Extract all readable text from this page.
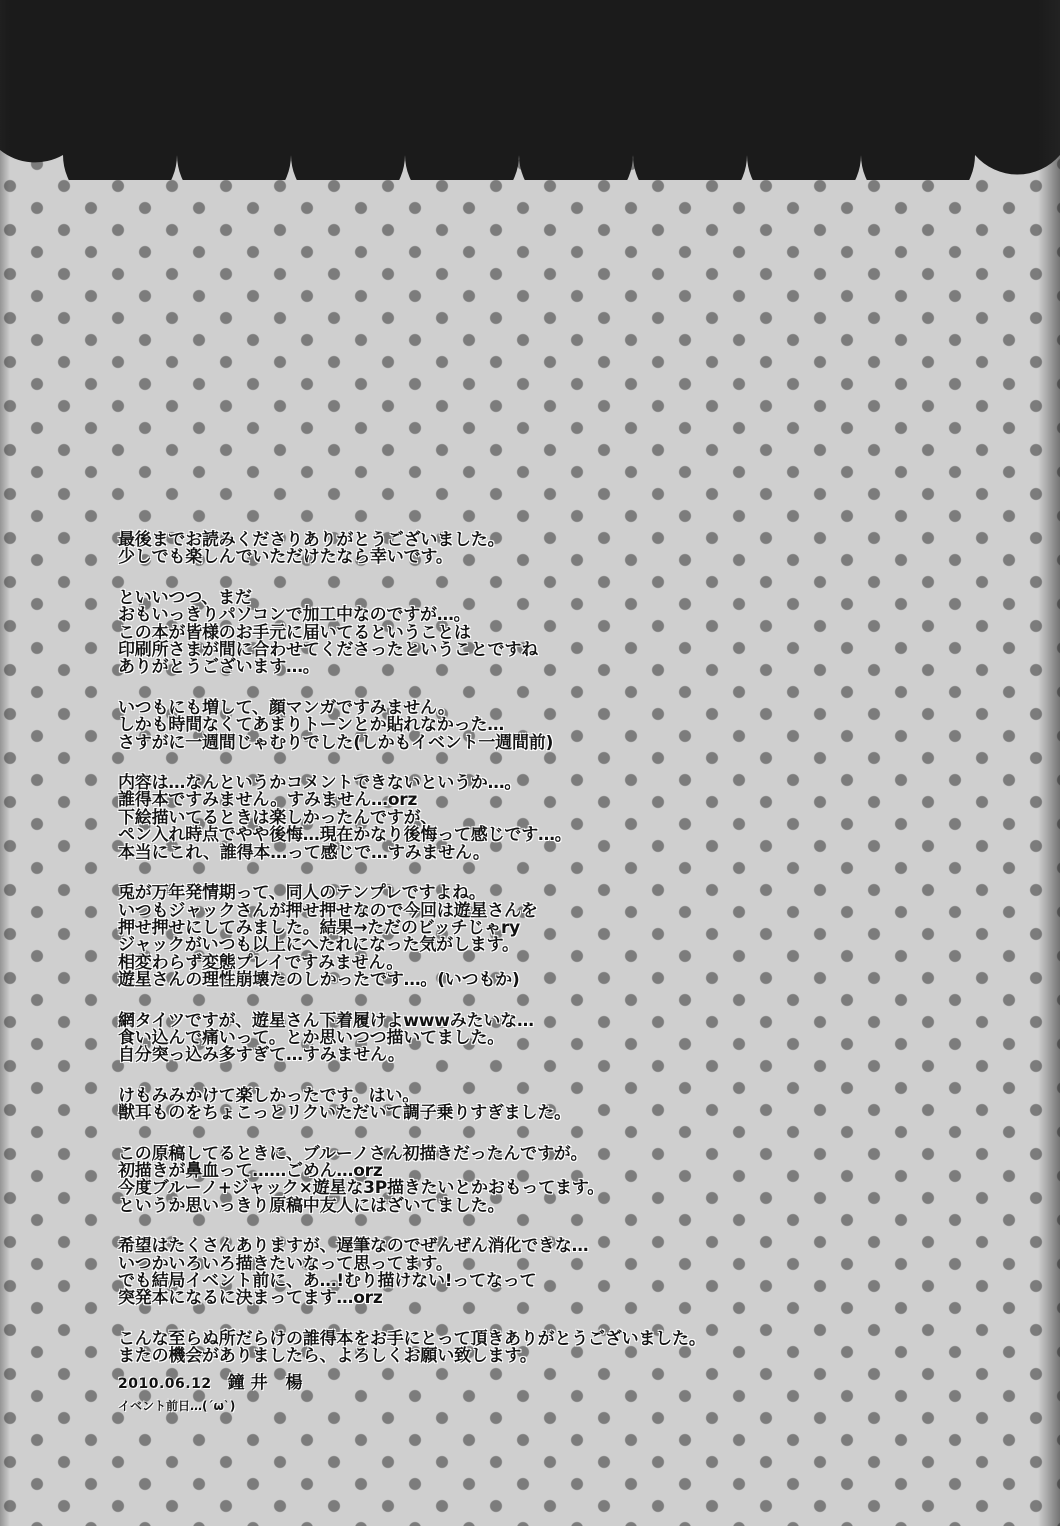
最後までお読みくださりありがとうございました。
少しでも楽しんでいただけたなら幸いです。
といいつつ、まだ
おもいっきりパソコンで加工中なのですが…。
この本が皆様のお手元に届いてるということは
印刷所さまが間に合わせてくださったということですね
ありがとうございます…。
いつもにも増して、顔マンガですみません。
しかも時間なくてあまりトーンとか貼れなかった…
さすがに一週間じゃむりでした(しかもイベント一週間前)
内容は…なんというかコメントできないというか…。
誰得本ですみません。すみません…orz
下絵描いてるときは楽しかったんですが、
ペン入れ時点でやや後悔…現在かなり後悔って感じです…。
本当にこれ、誰得本…って感じで…すみません。
兎が万年発情期って、同人のテンプレですよね。
いつもジャックさんが押せ押せなので今回は遊星さんを
押せ押せにしてみました。結果→ただのビッチじゃry
ジャックがいつも以上にへたれになった気がします。
相変わらず変態プレイですみません。
遊星さんの理性崩壊たのしかったです…。(いつもか)
網タイツですが、遊星さん下着履けよwwwみたいな…
食い込んで痛いって。とか思いつつ描いてました。
自分突っ込み多すぎて…すみません。
けもみみかけて楽しかったです。はい。
獣耳ものをちょこっとリクいただいて調子乗りすぎました。
この原稿してるときに、ブルーノさん初描きだったんですが。
初描きが鼻血って……ごめん…orz
今度ブルーノ+ジャック×遊星な3P描きたいとかおもってます。
というか思いっきり原稿中友人にはざいてました。
希望はたくさんありますが、遅筆なのでぜんぜん消化できな…
いつかいろいろ描きたいなって思ってます。
でも結局イベント前に、あ…!むり描けない!ってなって
突発本になるに決まってます…orz
こんな至らぬ所だらけの誰得本をお手にとって頂きありがとうございました。
またの機会がありましたら、よろしくお願い致します。
2010.06.12 鐘井 楊
イベント前日…(´ω`)
